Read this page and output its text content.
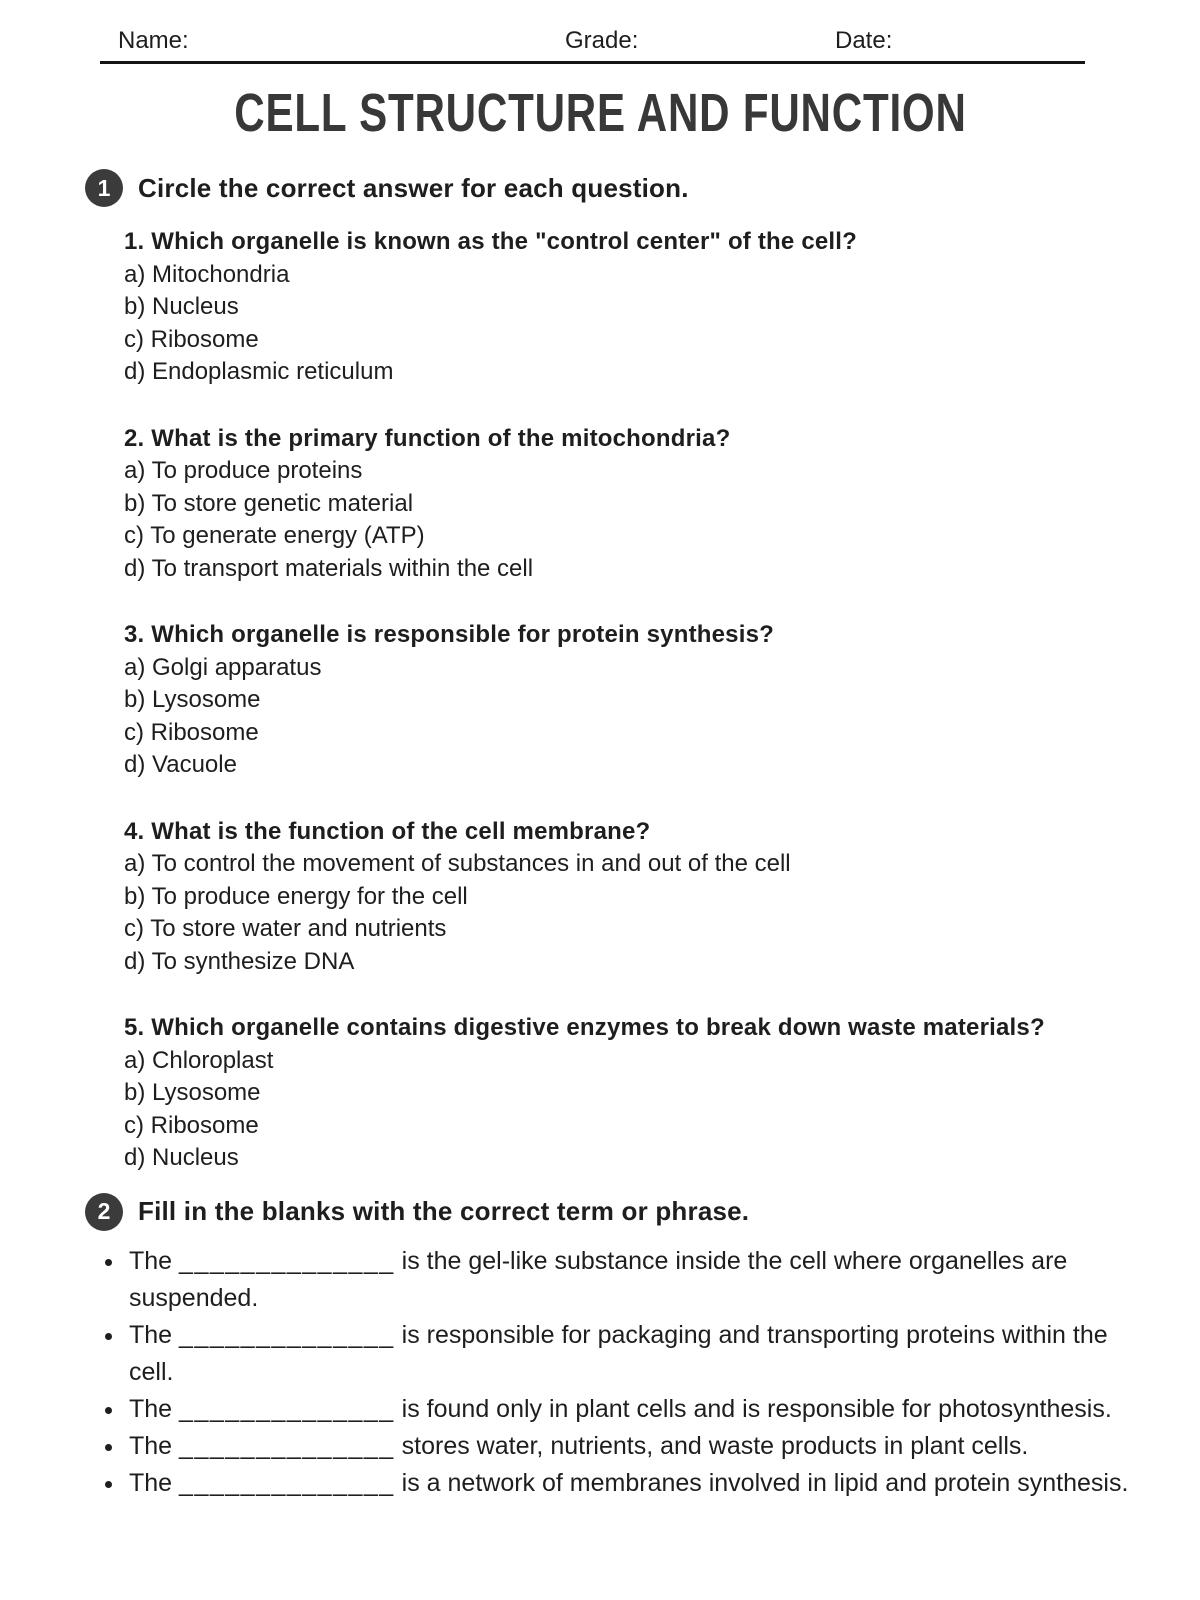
Name:	Grade:	Date:
CELL STRUCTURE AND FUNCTION
1	Circle the correct answer for each question.

1. Which organelle is known as the "control center" of the cell?

a) Mitochondria

b) Nucleus

c) Ribosome

d) Endoplasmic reticulum

2. What is the primary function of the mitochondria?

a) To produce proteins

b) To store genetic material

c) To generate energy (ATP)

d) To transport materials within the cell

3. Which organelle is responsible for protein synthesis?

a) Golgi apparatus

b) Lysosome

c) Ribosome

d) Vacuole

4. What is the function of the cell membrane?

a) To control the movement of substances in and out of the cell

b) To produce energy for the cell

c) To store water and nutrients

d) To synthesize DNA

5. Which organelle contains digestive enzymes to break down waste materials?

a) Chloroplast

b) Lysosome

c) Ribosome

d) Nucleus

2	Fill in the blanks with the correct term or phrase.

The ______________ is the gel-like substance inside the cell where organelles are suspended.

The ______________ is responsible for packaging and transporting proteins within the cell.

The ______________ is found only in plant cells and is responsible for photosynthesis.

The ______________ stores water, nutrients, and waste products in plant cells.

The ______________ is a network of membranes involved in lipid and protein synthesis.
